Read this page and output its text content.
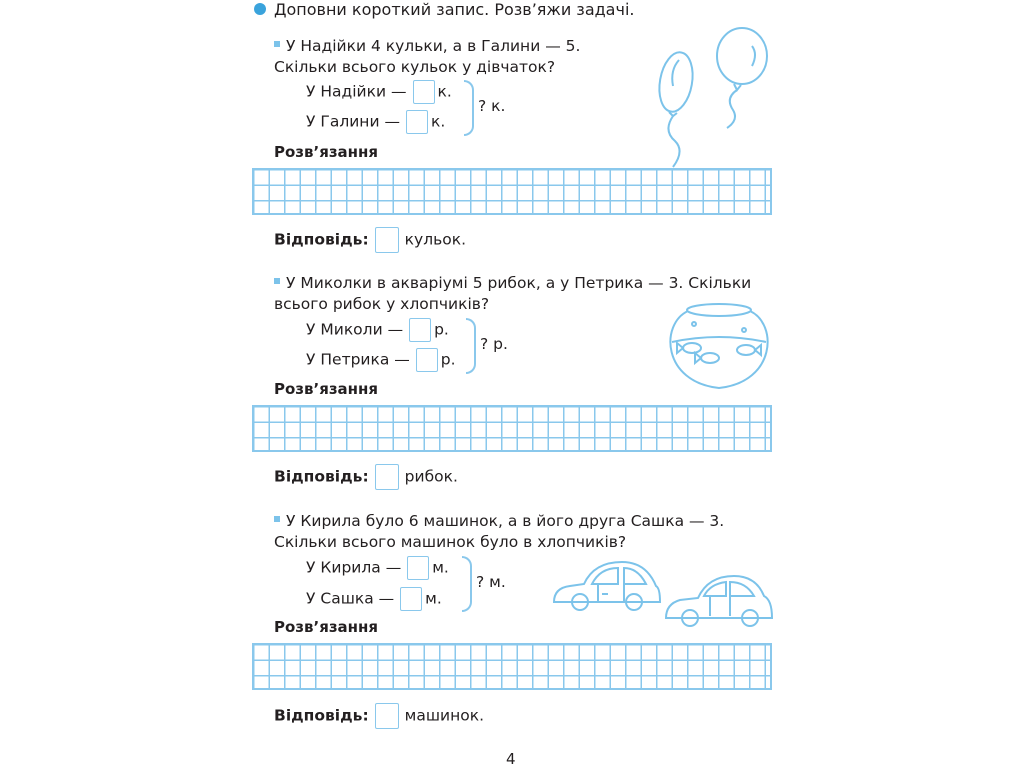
Доповни короткий запис. Розв’яжи задачі.
У Надійки 4 кульки, а в Галини — 5.
Скільки всього кульок у дівчаток?
У Надійки — к.
У Галини — к.
? к.
Розв’язання
Відповідь: кульок.
У Миколки в акваріумі 5 рибок, а у Петрика — 3. Скільки
всього рибок у хлопчиків?
У Миколи — р.
У Петрика — р.
? р.
Розв’язання
Відповідь: рибок.
У Кирила було 6 машинок, а в його друга Сашка — 3.
Скільки всього машинок було в хлопчиків?
У Кирила — м.
У Сашка — м.
? м.
Розв’язання
Відповідь: машинок.
4
